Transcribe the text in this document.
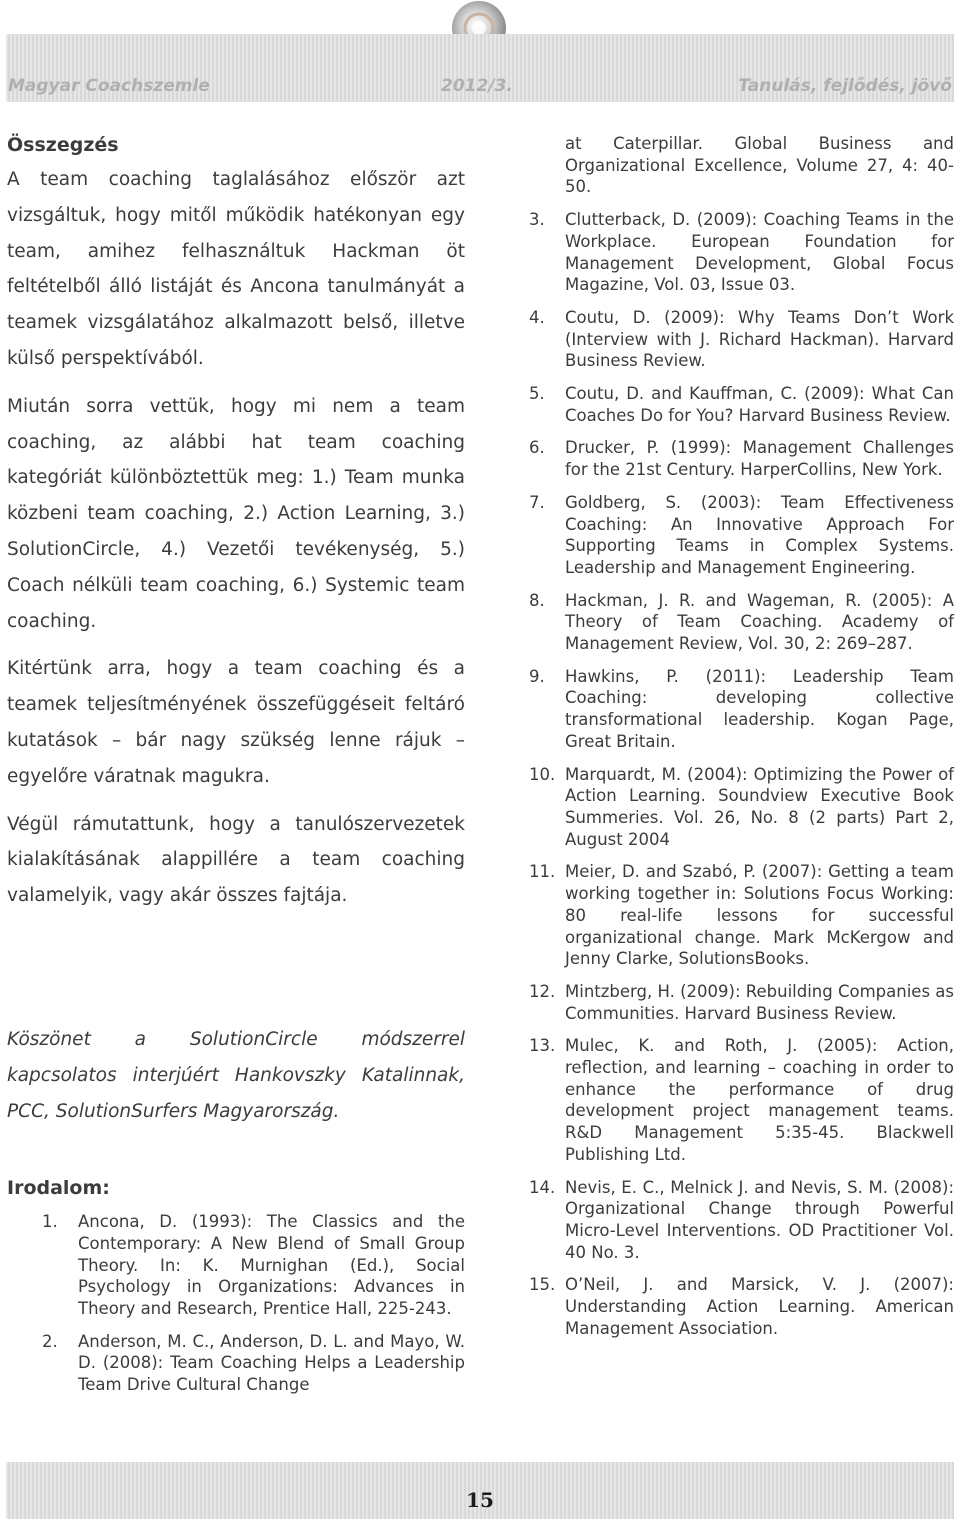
Magyar Coachszemle	2012/3.	Tanulás, fejlődés, jövő
Összegzés

A team coaching taglalásához először azt vizsgáltuk, hogy mitől működik hatékonyan egy team, amihez felhasználtuk Hackman öt feltételből álló listáját és Ancona tanulmányát a teamek vizsgálatához alkalmazott belső, illetve külső perspektívából.

Miután sorra vettük, hogy mi nem a team coaching, az alábbi hat team coaching kategóriát különböztettük meg: 1.) Team munka közbeni team coaching, 2.) Action Learning, 3.) SolutionCircle, 4.) Vezetői tevékenység, 5.) Coach nélküli team coaching, 6.) Systemic team coaching.

Kitértünk arra, hogy a team coaching és a teamek teljesítményének összefüggéseit feltáró kutatások – bár nagy szükség lenne rájuk – egyelőre váratnak magukra.

Végül rámutattunk, hogy a tanulószervezetek kialakításának alappillére a team coaching valamelyik, vagy akár összes fajtája.

Köszönet a SolutionCircle módszerrel kapcsolatos interjúért Hankovszky Katalinnak, PCC, SolutionSurfers Magyarország.

Irodalom:
1. Ancona, D. (1993): The Classics and the Contemporary: A New Blend of Small Group Theory. In: K. Murnighan (Ed.), Social Psychology in Organizations: Advances in Theory and Research, Prentice Hall, 225-243.
2. Anderson, M. C., Anderson, D. L. and Mayo, W. D. (2008): Team Coaching Helps a Leadership Team Drive Cultural Change
at Caterpillar. Global Business and Organizational Excellence, Volume 27, 4: 40-50.
3. Clutterback, D. (2009): Coaching Teams in the Workplace. European Foundation for Management Development, Global Focus Magazine, Vol. 03, Issue 03.
4. Coutu, D. (2009): Why Teams Don’t Work (Interview with J. Richard Hackman). Harvard Business Review.
5. Coutu, D. and Kauffman, C. (2009): What Can Coaches Do for You? Harvard Business Review.
6. Drucker, P. (1999): Management Challenges for the 21st Century. HarperCollins, New York.
7. Goldberg, S. (2003): Team Effectiveness Coaching: An Innovative Approach For Supporting Teams in Complex Systems. Leadership and Management Engineering.
8. Hackman, J. R. and Wageman, R. (2005): A Theory of Team Coaching. Academy of Management Review, Vol. 30, 2: 269–287.
9. Hawkins, P. (2011): Leadership Team Coaching: developing collective transformational leadership. Kogan Page, Great Britain.
10. Marquardt, M. (2004): Optimizing the Power of Action Learning. Soundview Executive Book Summeries. Vol. 26, No. 8 (2 parts) Part 2, August 2004
11. Meier, D. and Szabó, P. (2007): Getting a team working together in: Solutions Focus Working: 80 real-life lessons for successful organizational change. Mark McKergow and Jenny Clarke, SolutionsBooks.
12. Mintzberg, H. (2009): Rebuilding Companies as Communities. Harvard Business Review.
13. Mulec, K. and Roth, J. (2005): Action, reflection, and learning – coaching in order to enhance the performance of drug development project management teams. R&D Management 5:35-45. Blackwell Publishing Ltd.
14. Nevis, E. C., Melnick J. and Nevis, S. M. (2008): Organizational Change through Powerful Micro-Level Interventions. OD Practitioner Vol. 40 No. 3.
15. O’Neil, J. and Marsick, V. J. (2007): Understanding Action Learning. American Management Association.
15
